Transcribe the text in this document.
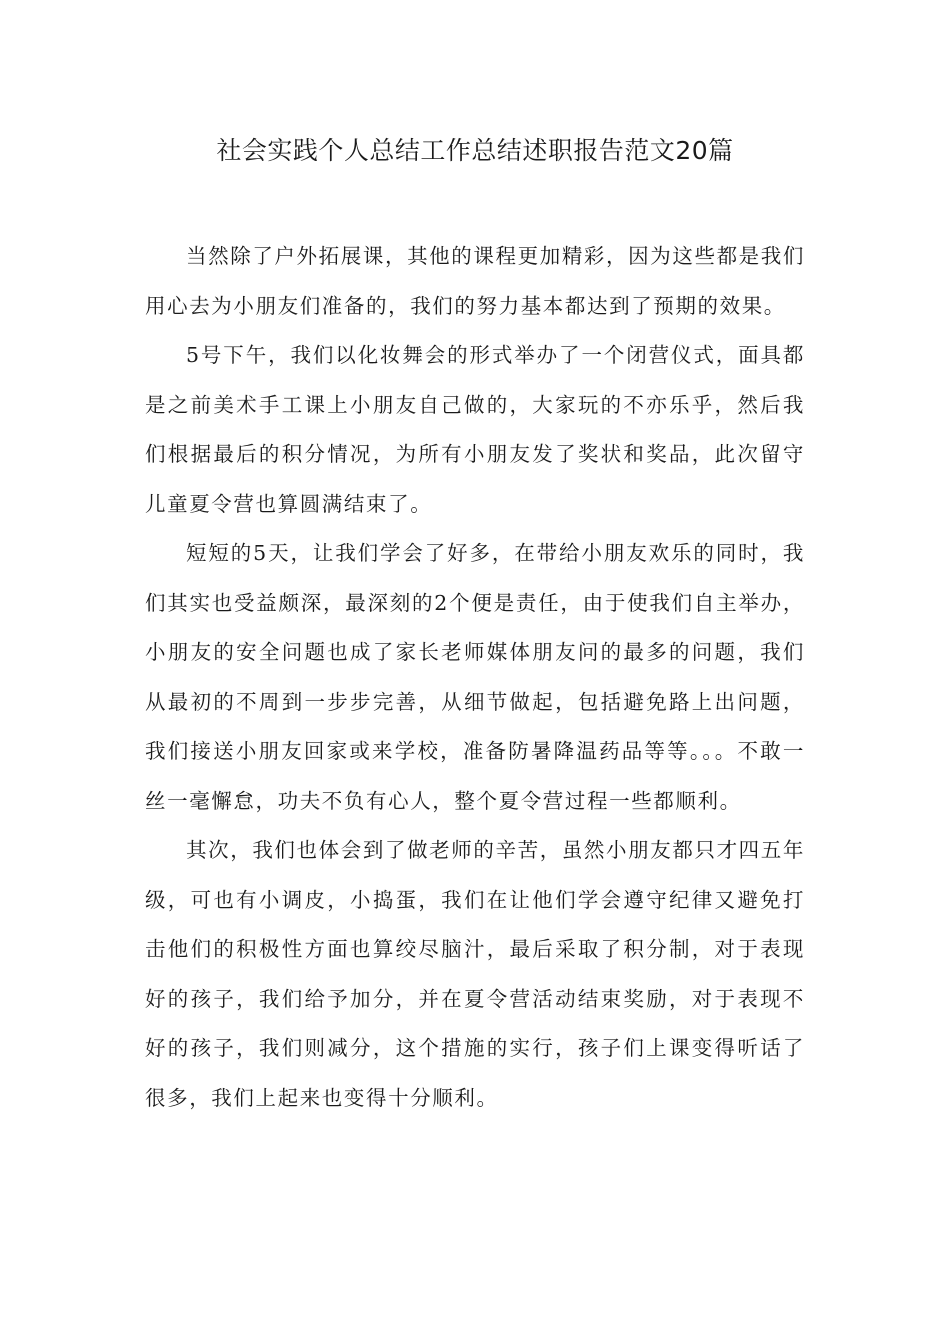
社会实践个人总结工作总结述职报告范文20篇

当然除了户外拓展课，其他的课程更加精彩，因为这些都是我们用心去为小朋友们准备的，我们的努力基本都达到了预期的效果。

5号下午，我们以化妆舞会的形式举办了一个闭营仪式，面具都是之前美术手工课上小朋友自己做的，大家玩的不亦乐乎，然后我们根据最后的积分情况，为所有小朋友发了奖状和奖品，此次留守儿童夏令营也算圆满结束了。

短短的5天，让我们学会了好多，在带给小朋友欢乐的同时，我们其实也受益颇深，最深刻的2个便是责任，由于使我们自主举办，小朋友的安全问题也成了家长老师媒体朋友问的最多的问题，我们从最初的不周到一步步完善，从细节做起，包括避免路上出问题，我们接送小朋友回家或来学校，准备防暑降温药品等等。。。不敢一丝一毫懈怠，功夫不负有心人，整个夏令营过程一些都顺利。

其次，我们也体会到了做老师的辛苦，虽然小朋友都只才四五年级，可也有小调皮，小捣蛋，我们在让他们学会遵守纪律又避免打击他们的积极性方面也算绞尽脑汁，最后采取了积分制，对于表现好的孩子，我们给予加分，并在夏令营活动结束奖励，对于表现不好的孩子，我们则减分，这个措施的实行，孩子们上课变得听话了很多，我们上起来也变得十分顺利。
